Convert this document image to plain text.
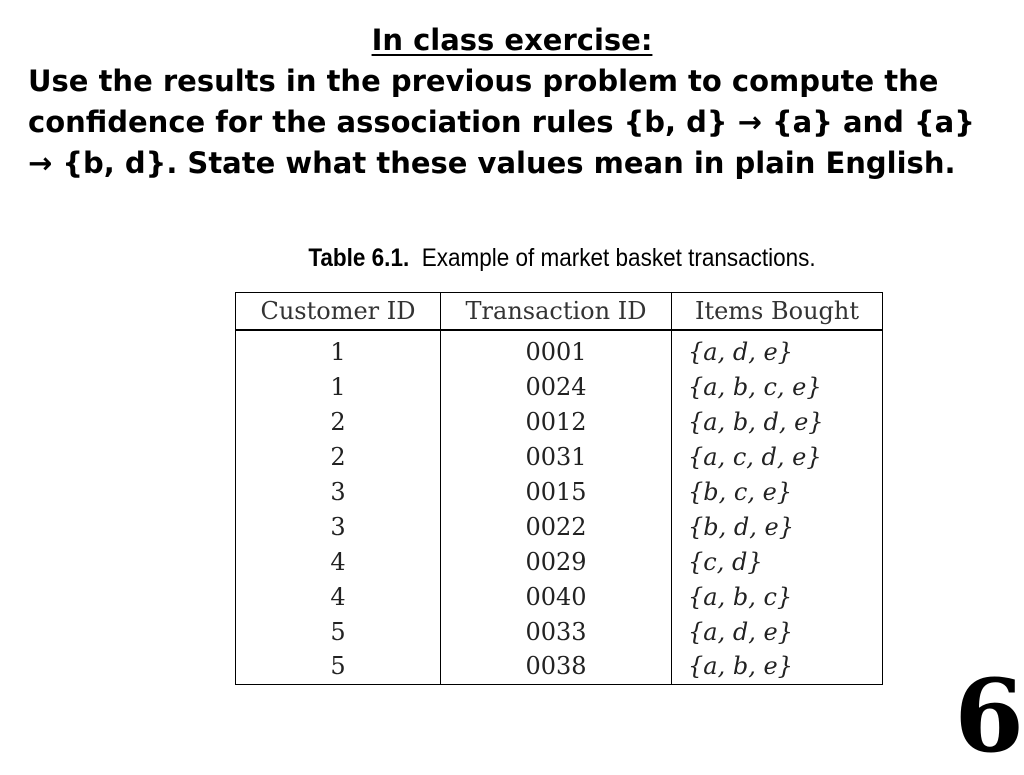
In class exercise:

Use the results in the previous problem to compute the confidence for the association rules {b, d} → {a} and {a} → {b, d}. State what these values mean in plain English.

Table 6.1. Example of market basket transactions.
Customer ID	Transaction ID	Items Bought
1	0001	{a, d, e}
1	0024	{a, b, c, e}
2	0012	{a, b, d, e}
2	0031	{a, c, d, e}
3	0015	{b, c, e}
3	0022	{b, d, e}
4	0029	{c, d}
4	0040	{a, b, c}
5	0033	{a, d, e}
5	0038	{a, b, e} 6
